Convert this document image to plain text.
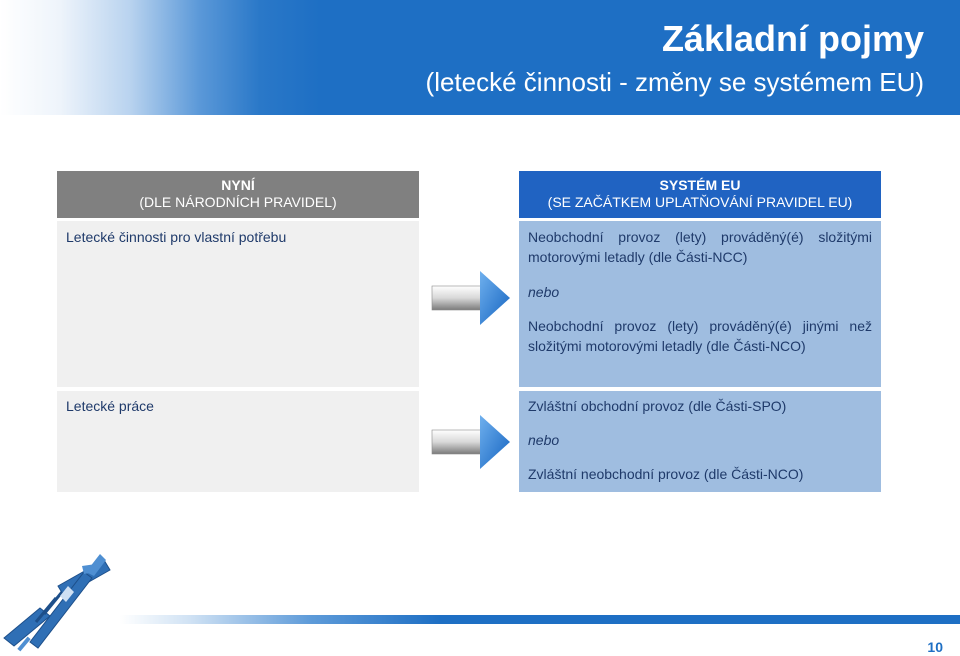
Základní pojmy
(letecké činnosti - změny se systémem EU)
NYNÍ
(DLE NÁRODNÍCH PRAVIDEL)
Letecké činnosti pro vlastní potřebu
Letecké práce
SYSTÉM EU
(SE ZAČÁTKEM UPLATŇOVÁNÍ PRAVIDEL EU)

Neobchodní provoz (lety) prováděný(é) složitými motorovými letadly (dle Části-NCC)

nebo

Neobchodní provoz (lety) prováděný(é) jinými než složitými motorovými letadly (dle Části-NCO)

Zvláštní obchodní provoz (dle Části-SPO)

nebo

Zvláštní neobchodní provoz (dle Části-NCO)

10
